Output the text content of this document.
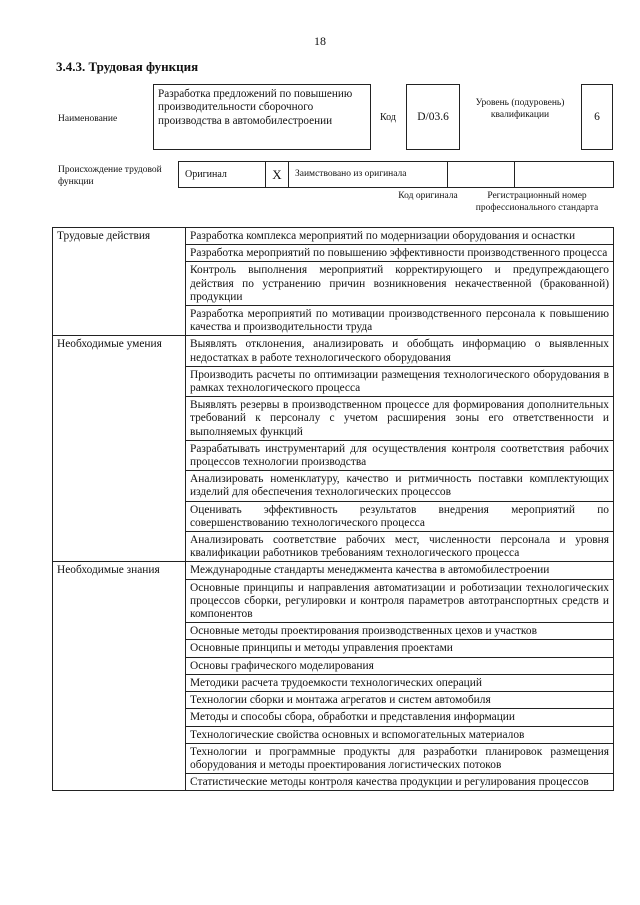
18
3.4.3. Трудовая функция
Наименование
Разработка предложений по повышению производительности сборочного производства в автомобилестроении	Код	D/03.6
Уровень (подуровень) квалификации	6
Происхождение трудовой функции
Оригинал	X	Заимствовано из оригинала		
Код оригинала	Регистрационный номер профессионального стандарта
Трудовые действия	Разработка комплекса мероприятий по модернизации оборудования и оснастки
	Разработка мероприятий по повышению эффективности производственного процесса
	Контроль выполнения мероприятий корректирующего и предупреждающего действия по устранению причин возникновения некачественной (бракованной) продукции
	Разработка мероприятий по мотивации производственного персонала к повышению качества и производительности труда
Необходимые умения	Выявлять отклонения, анализировать и обобщать информацию о выявленных недостатках в работе технологического оборудования
	Производить расчеты по оптимизации размещения технологического оборудования в рамках технологического процесса
	Выявлять резервы в производственном процессе для формирования дополнительных требований к персоналу с учетом расширения зоны его ответственности и выполняемых функций
	Разрабатывать инструментарий для осуществления контроля соответствия рабочих процессов технологии производства
	Анализировать номенклатуру, качество и ритмичность поставки комплектующих изделий для обеспечения технологических процессов
	Оценивать эффективность результатов внедрения мероприятий по совершенствованию технологического процесса
	Анализировать соответствие рабочих мест, численности персонала и уровня квалификации работников требованиям технологического процесса
Необходимые знания	Международные стандарты менеджмента качества в автомобилестроении
	Основные принципы и направления автоматизации и роботизации технологических процессов сборки, регулировки и контроля параметров автотранспортных средств и компонентов
	Основные методы проектирования производственных цехов и участков
	Основные принципы и методы управления проектами
	Основы графического моделирования
	Методики расчета трудоемкости технологических операций
	Технологии сборки и монтажа агрегатов и систем автомобиля
	Методы и способы сбора, обработки и представления информации
	Технологические свойства основных и вспомогательных материалов
	Технологии и программные продукты для разработки планировок размещения оборудования и методы проектирования логистических потоков
	Статистические методы контроля качества продукции и регулирования процессов
